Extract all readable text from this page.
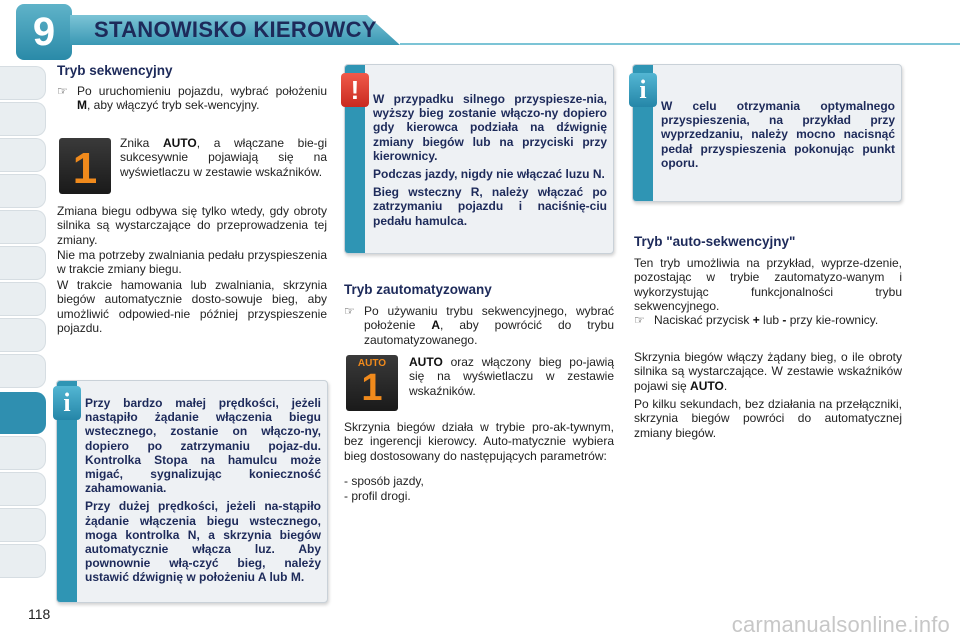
9	STANOWISKO KIEROWCY
Tryb sekwencyjny
☞ Po uruchomieniu pojazdu, wybrać położeniu M, aby włączyć tryb sek-wencyjny.
1
Znika AUTO, a włączane bie-gi sukcesywnie pojawiają się na wyświetlaczu w zestawie wskaźników.
Zmiana biegu odbywa się tylko wtedy, gdy obroty silnika są wystarczające do przeprowadzenia tej zmiany.
Nie ma potrzeby zwalniania pedału przyspieszenia w trakcie zmiany biegu.
W trakcie hamowania lub zwalniania, skrzynia biegów automatycznie dosto-sowuje bieg, aby umożliwić odpowied-nie później przyspieszenie pojazdu.
i	Przy bardzo małej prędkości, jeżeli nastąpiło żądanie włączenia biegu wstecznego, zostanie on włączo-ny, dopiero po zatrzymaniu pojaz-du. Kontrolka Stopa na hamulcu może migać, sygnalizując konieczność zahamowania.

Przy dużej prędkości, jeżeli na-stąpiło żądanie włączenia biegu wstecznego, moga kontrolka N, a skrzynia biegów automatycznie włącza luz. Aby pownownie włą-czyć bieg, należy ustawić dźwignię w położeniu A lub M.

!	W przypadku silnego przyspiesze-nia, wyższy bieg zostanie włączo-ny dopiero gdy kierowca podziała na dźwignię zmiany biegów lub na przyciski przy kierownicy.

Podczas jazdy, nigdy nie włączać luzu N.

Bieg wsteczny R, należy włączać po zatrzymaniu pojazdu i naciśnię-ciu pedału hamulca.

Tryb zautomatyzowany
☞ Po używaniu trybu sekwencyjnego, wybrać położenie A, aby powrócić do trybu zautomatyzowanego.
AUTO
1
AUTO oraz włączony bieg po-jawią się na wyświetlaczu w zestawie wskaźników.
Skrzynia biegów działa w trybie pro-ak-tywnym, bez ingerencji kierowcy. Auto-matycznie wybiera bieg dostosowany do następujących parametrów:
- sposób jazdy,
- profil drogi.
i
W celu otrzymania optymalnego przyspieszenia, na przykład przy wyprzedzaniu, należy mocno nacisnąć pedał przyspieszenia pokonując punkt oporu.
Tryb "auto-sekwencyjny"
Ten tryb umożliwia na przykład, wyprze-dzenie, pozostając w trybie zautomatyzo-wanym i wykorzystując funkcjonalności trybu sekwencyjnego.
☞ Naciskać przycisk + lub - przy kie-rownicy.
Skrzynia biegów włączy żądany bieg, o ile obroty silnika są wystarczające. W zestawie wskaźników pojawi się AUTO.
Po kilku sekundach, bez działania na przełączniki, skrzynia biegów powróci do automatycznej zmiany biegów.
118	carmanualsonline.info
